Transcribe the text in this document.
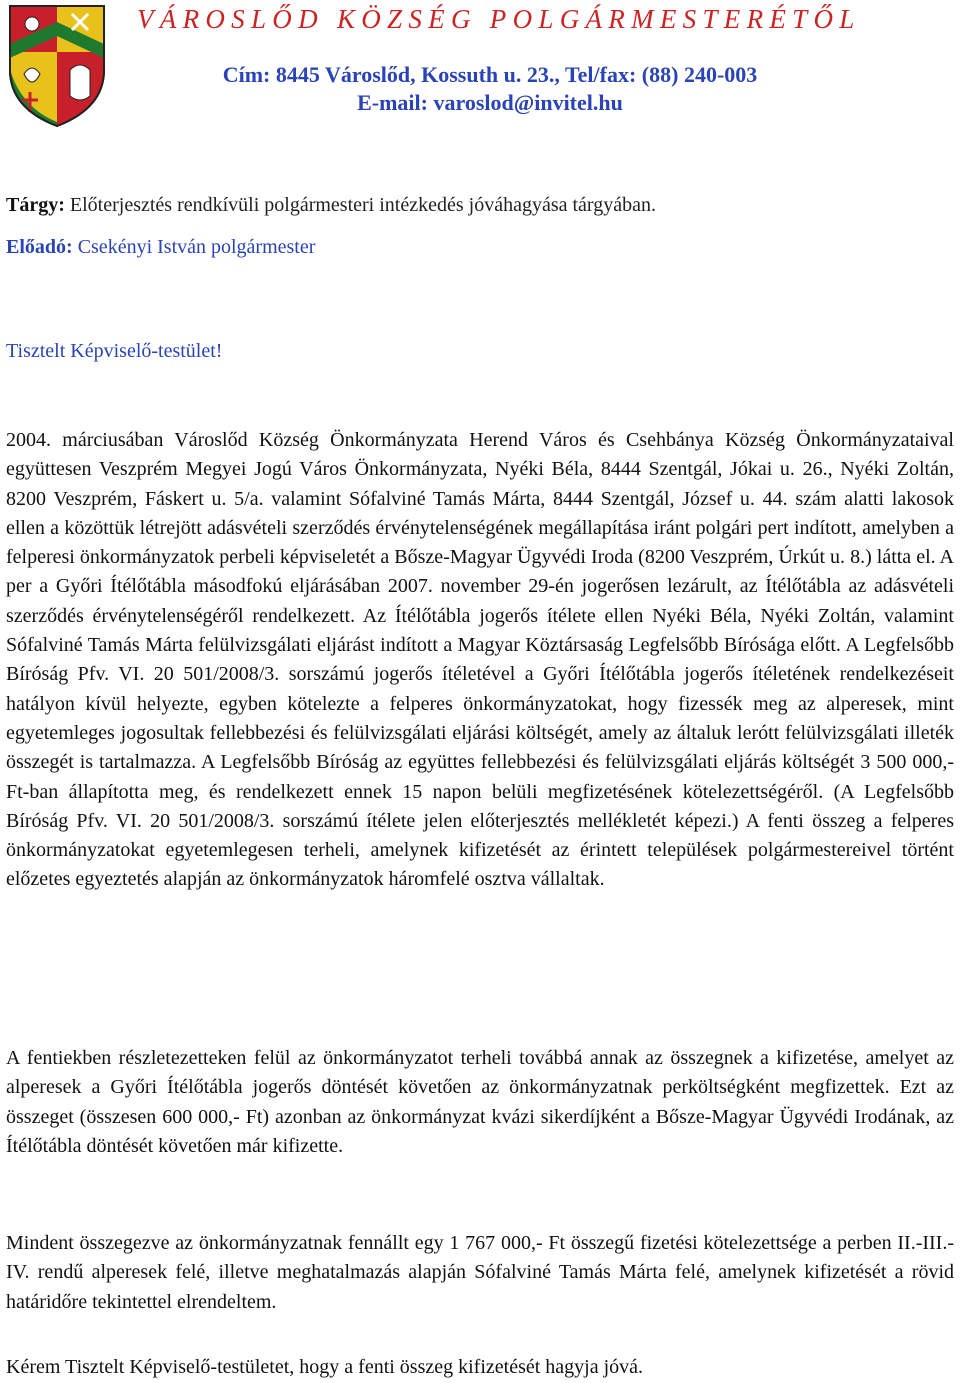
VÁROSLŐD KÖZSÉG POLGÁRMESTERÉTŐL
Cím: 8445 Városlőd, Kossuth u. 23., Tel/fax: (88) 240-003
E-mail: varoslod@invitel.hu
Tárgy: Előterjesztés rendkívüli polgármesteri intézkedés jóváhagyása tárgyában.
Előadó: Csekényi István polgármester
Tisztelt Képviselő-testület!
2004. márciusában Városlőd Község Önkormányzata Herend Város és Csehbánya Község Önkormányzataival együttesen Veszprém Megyei Jogú Város Önkormányzata, Nyéki Béla, 8444 Szentgál, Jókai u. 26., Nyéki Zoltán, 8200 Veszprém, Fáskert u. 5/a. valamint Sófalviné Tamás Márta, 8444 Szentgál, József u. 44. szám alatti lakosok ellen a közöttük létrejött adásvételi szerződés érvénytelenségének megállapítása iránt polgári pert indított, amelyben a felperesi önkormányzatok perbeli képviseletét a Bősze-Magyar Ügyvédi Iroda (8200 Veszprém, Úrkút u. 8.) látta el. A per a Győri Ítélőtábla másodfokú eljárásában 2007. november 29-én jogerősen lezárult, az Ítélőtábla az adásvételi szerződés érvénytelenségéről rendelkezett. Az Ítélőtábla jogerős ítélete ellen Nyéki Béla, Nyéki Zoltán, valamint Sófalviné Tamás Márta felülvizsgálati eljárást indított a Magyar Köztársaság Legfelsőbb Bírósága előtt. A Legfelsőbb Bíróság Pfv. VI. 20 501/2008/3. sorszámú jogerős ítéletével a Győri Ítélőtábla jogerős ítéletének rendelkezéseit hatályon kívül helyezte, egyben kötelezte a felperes önkormányzatokat, hogy fizessék meg az alperesek, mint egyetemleges jogosultak fellebbezési és felülvizsgálati eljárási költségét, amely az általuk lerótt felülvizsgálati illeték összegét is tartalmazza. A Legfelsőbb Bíróság az együttes fellebbezési és felülvizsgálati eljárás költségét 3 500 000,- Ft-ban állapította meg, és rendelkezett ennek 15 napon belüli megfizetésének kötelezettségéről. (A Legfelsőbb Bíróság Pfv. VI. 20 501/2008/3. sorszámú ítélete jelen előterjesztés mellékletét képezi.) A fenti összeg a felperes önkormányzatokat egyetemlegesen terheli, amelynek kifizetését az érintett települések polgármestereivel történt előzetes egyeztetés alapján az önkormányzatok háromfelé osztva vállaltak.
A fentiekben részletezetteken felül az önkormányzatot terheli továbbá annak az összegnek a kifizetése, amelyet az alperesek a Győri Ítélőtábla jogerős döntését követően az önkormányzatnak perköltségként megfizettek. Ezt az összeget (összesen 600 000,- Ft) azonban az önkormányzat kvázi sikerdíjként a Bősze-Magyar Ügyvédi Irodának, az Ítélőtábla döntését követően már kifizette.
Mindent összegezve az önkormányzatnak fennállt egy 1 767 000,- Ft összegű fizetési kötelezettsége a perben II.-III.-IV. rendű alperesek felé, illetve meghatalmazás alapján Sófalviné Tamás Márta felé, amelynek kifizetését a rövid határidőre tekintettel elrendeltem.
Kérem Tisztelt Képviselő-testületet, hogy a fenti összeg kifizetését hagyja jóvá.
